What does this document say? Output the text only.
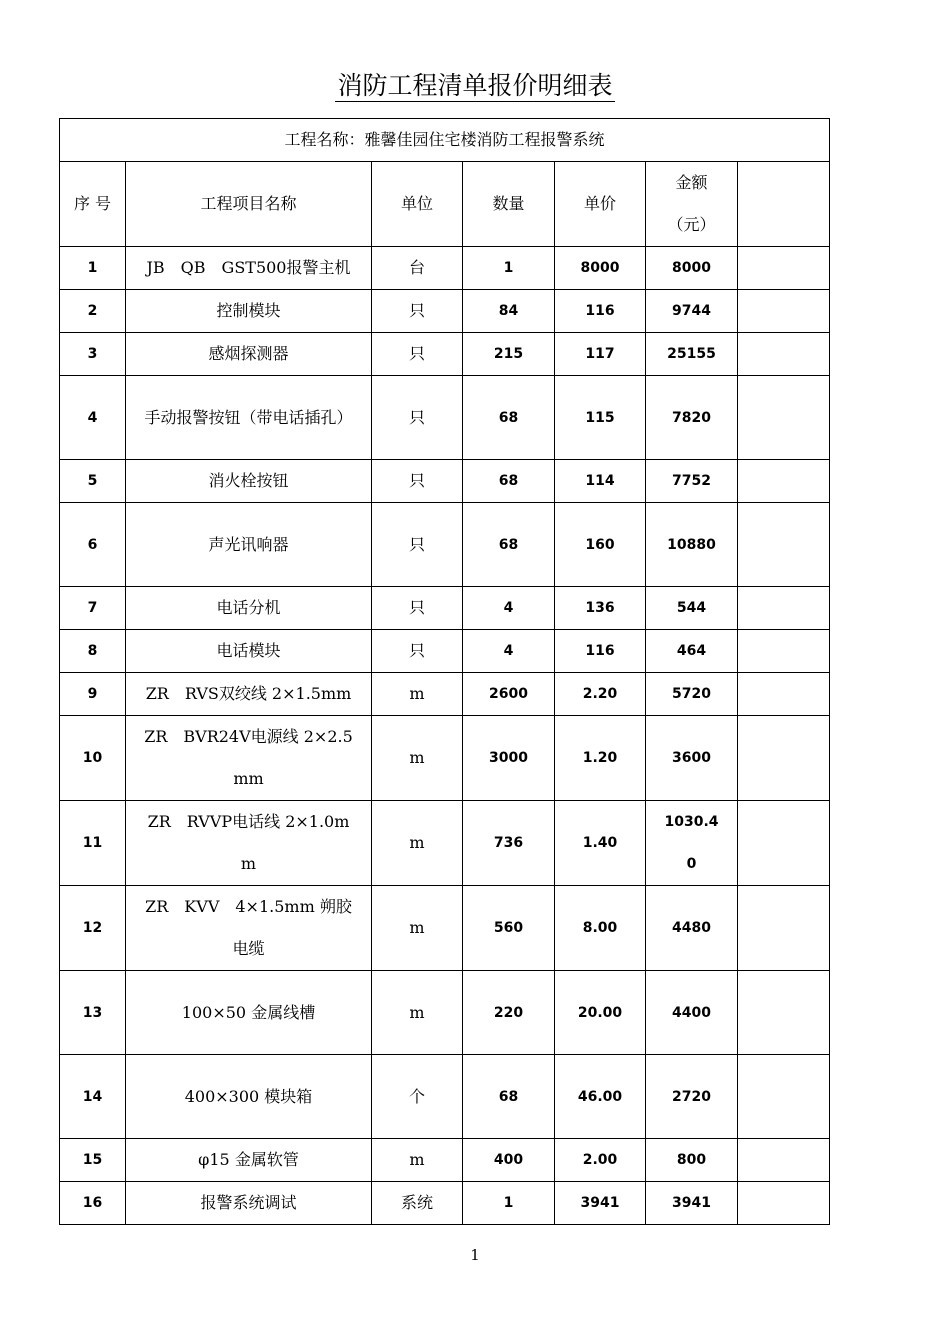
消防工程清单报价明细表
工程名称：雅馨佳园住宅楼消防工程报警系统						
序 号	工程项目名称	单位	数量	单价	金额（元）	

1	JB　QB　GST500报警主机	台	1	8000	8000	

2	控制模块	只	84	116	9744	

3	感烟探测器	只	215	117	25155	

4	手动报警按钮（带电话插孔）	只	68	115	7820	

5	消火栓按钮	只	68	114	7752	

6	声光讯响器	只	68	160	10880	

7	电话分机	只	4	136	544	

8	电话模块	只	4	116	464	

9	ZR　RVS双绞线 2×1.5mm	m	2600	2.20	5720	

10	ZR　BVR24V电源线 2×2.5mm	m	3000	1.20	3600	

11	ZR　RVVP电话线 2×1.0mm	m	736	1.40	1030.40	

12	ZR　KVV　4×1.5mm 朔胶电缆	m	560	8.00	4480	

13	100×50 金属线槽	m	220	20.00	4400	

14	400×300 模块箱	个	68	46.00	2720	

15	φ15 金属软管	m	400	2.00	800	

16	报警系统调试	系统	1	3941	3941	

1
